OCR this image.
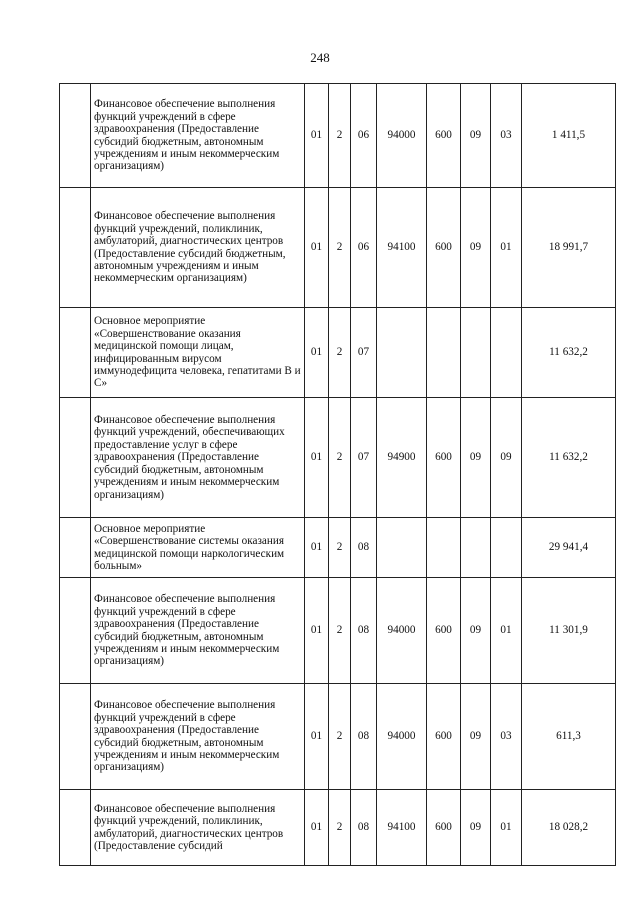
248
	Финансовое обеспечение выполнения функций учреждений в сфере здравоохранения (Предоставление субсидий бюджетным, автономным учреждениям и иным некоммерческим организациям)	01	2	06	94000	600	09	03	1 411,5
	Финансовое обеспечение выполнения функций учреждений, поликлиник, амбулаторий, диагностических центров (Предоставление субсидий бюджетным, автономным учреждениям и иным некоммерческим организациям)	01	2	06	94100	600	09	01	18 991,7
	Основное мероприятие «Совершенствование оказания медицинской помощи лицам, инфицированным вирусом иммунодефицита человека, гепатитами В и С»	01	2	07					11 632,2
	Финансовое обеспечение выполнения функций учреждений, обеспечивающих предоставление услуг в сфере здравоохранения (Предоставление субсидий бюджетным, автономным учреждениям и иным некоммерческим организациям)	01	2	07	94900	600	09	09	11 632,2
	Основное мероприятие «Совершенствование системы оказания медицинской помощи наркологическим больным»	01	2	08					29 941,4
	Финансовое обеспечение выполнения функций учреждений в сфере здравоохранения (Предоставление субсидий бюджетным, автономным учреждениям и иным некоммерческим организациям)	01	2	08	94000	600	09	01	11 301,9
	Финансовое обеспечение выполнения функций учреждений в сфере здравоохранения (Предоставление субсидий бюджетным, автономным учреждениям и иным некоммерческим организациям)	01	2	08	94000	600	09	03	611,3
	Финансовое обеспечение выполнения функций учреждений, поликлиник, амбулаторий, диагностических центров (Предоставление субсидий	01	2	08	94100	600	09	01	18 028,2
